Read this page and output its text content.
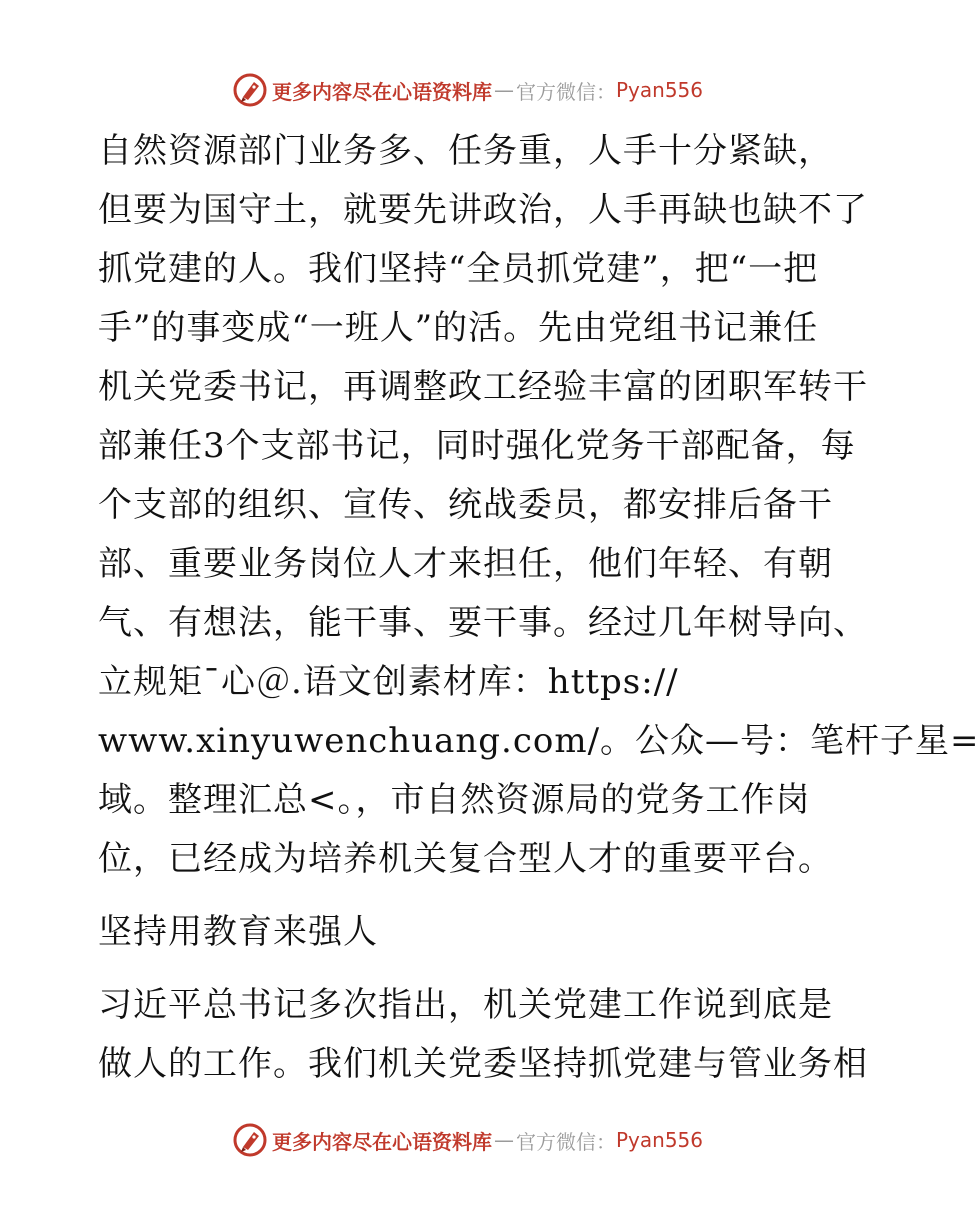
更多内容尽在心语资料库 — 官方微信： Pyan556
自然资源部门业务多、任务重，人手十分紧缺，
但要为国守土，就要先讲政治，人手再缺也缺不了
抓党建的人。我们坚持“全员抓党建”，把“一把
手”的事变成“一班人”的活。先由党组书记兼任
机关党委书记，再调整政工经验丰富的团职军转干
部兼任3个支部书记，同时强化党务干部配备，每
个支部的组织、宣传、统战委员，都安排后备干
部、重要业务岗位人才来担任，他们年轻、有朝
气、有想法，能干事、要干事。经过几年树导向、
立规矩¯心＠.语文创素材库：https://
www.xinyuwenchuang.com/。公众—号：笔杆子星=
域。整理汇总<。，市自然资源局的党务工作岗
位，已经成为培养机关复合型人才的重要平台。
坚持用教育来强人
习近平总书记多次指出，机关党建工作说到底是
做人的工作。我们机关党委坚持抓党建与管业务相
更多内容尽在心语资料库 — 官方微信： Pyan556
